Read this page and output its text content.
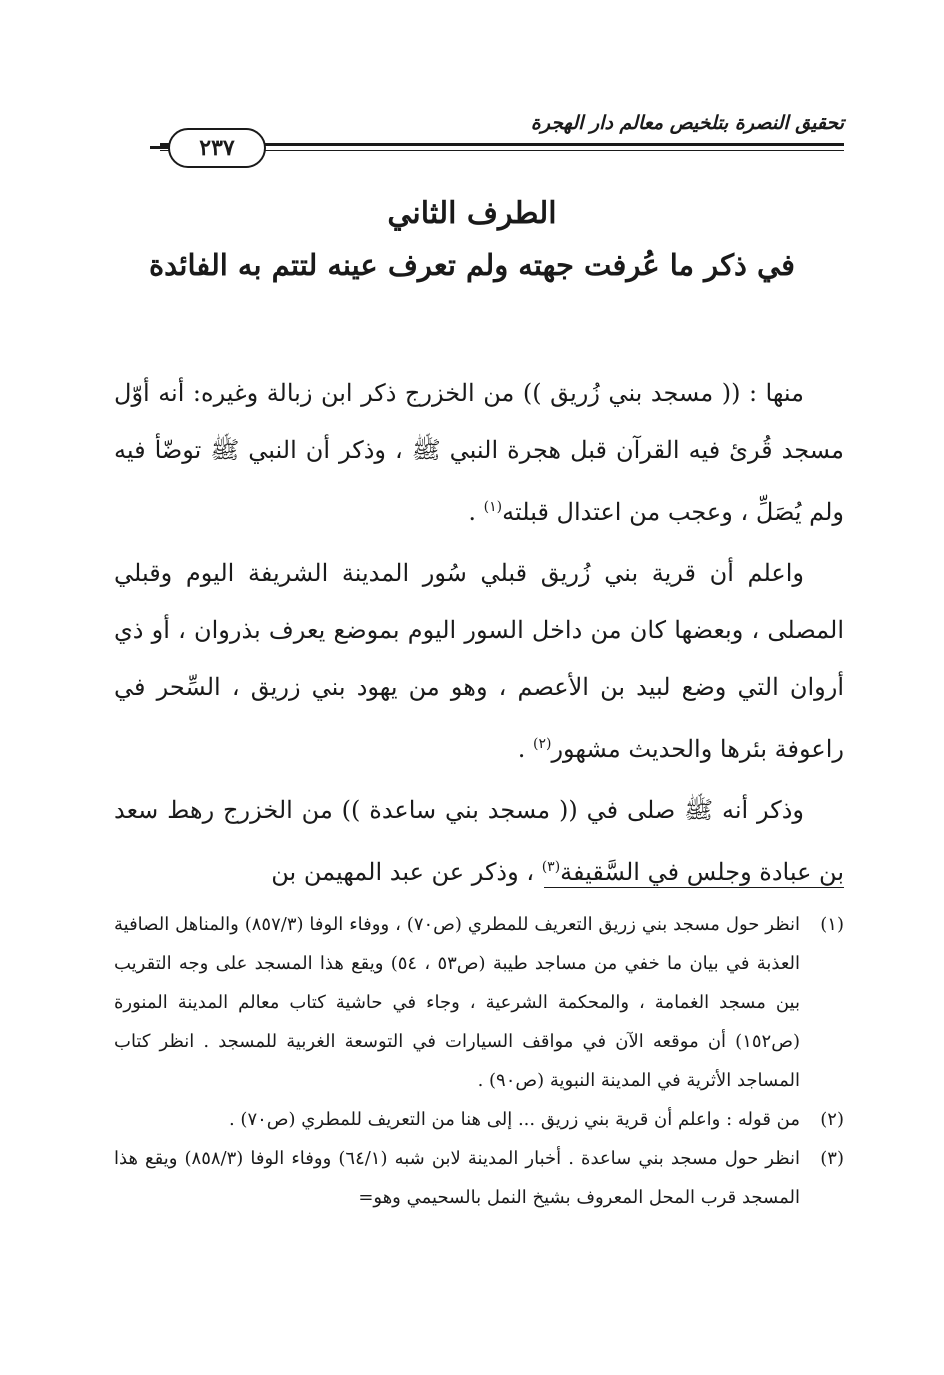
تحقيق النصرة بتلخيص معالم دار الهجرة
٢٣٧
الطرف الثاني
في ذكر ما عُرفت جهته ولم تعرف عينه لتتم به الفائدة

منها : (( مسجد بني زُريق )) من الخزرج ذكر ابن زبالة وغيره: أنه أوّل مسجد قُرئ فيه القرآن قبل هجرة النبي ﷺ ، وذكر أن النبي ﷺ توضّأ فيه ولم يُصَلِّ ، وعجب من اعتدال قبلته$^{(١)}$ .

واعلم أن قرية بني زُريق قبلي سُور المدينة الشريفة اليوم وقبلي المصلى ، وبعضها كان من داخل السور اليوم بموضع يعرف بذروان ، أو ذي أروان التي وضع لبيد بن الأعصم ، وهو من يهود بني زريق ، السِّحر في راعوفة بئرها والحديث مشهور$^{(٢)}$ .

وذكر أنه ﷺ صلى في (( مسجد بني ساعدة )) من الخزرج رهط سعد بن عبادة وجلس في السَّقيفة$^{(٣)}$ ، وذكر عن عبد المهيمن بن

(١)
انظر حول مسجد بني زريق التعريف للمطري (ص٧٠) ، ووفاء الوفا (٨٥٧/٣) والمناهل الصافية العذبة في بيان ما خفي من مساجد طيبة (ص٥٣ ، ٥٤) ويقع هذا المسجد على وجه التقريب بين مسجد الغمامة ، والمحكمة الشرعية ، وجاء في حاشية كتاب معالم المدينة المنورة (ص١٥٢) أن موقعه الآن في مواقف السيارات في التوسعة الغربية للمسجد . انظر كتاب المساجد الأثرية في المدينة النبوية (ص٩٠) .
(٢)
من قوله : واعلم أن قرية بني زريق ... إلى هنا من التعريف للمطري (ص٧٠) .
(٣)
انظر حول مسجد بني ساعدة . أخبار المدينة لابن شبه (٦٤/١) ووفاء الوفا (٨٥٨/٣) ويقع هذا المسجد قرب المحل المعروف بشيخ النمل بالسحيمي وهو=
